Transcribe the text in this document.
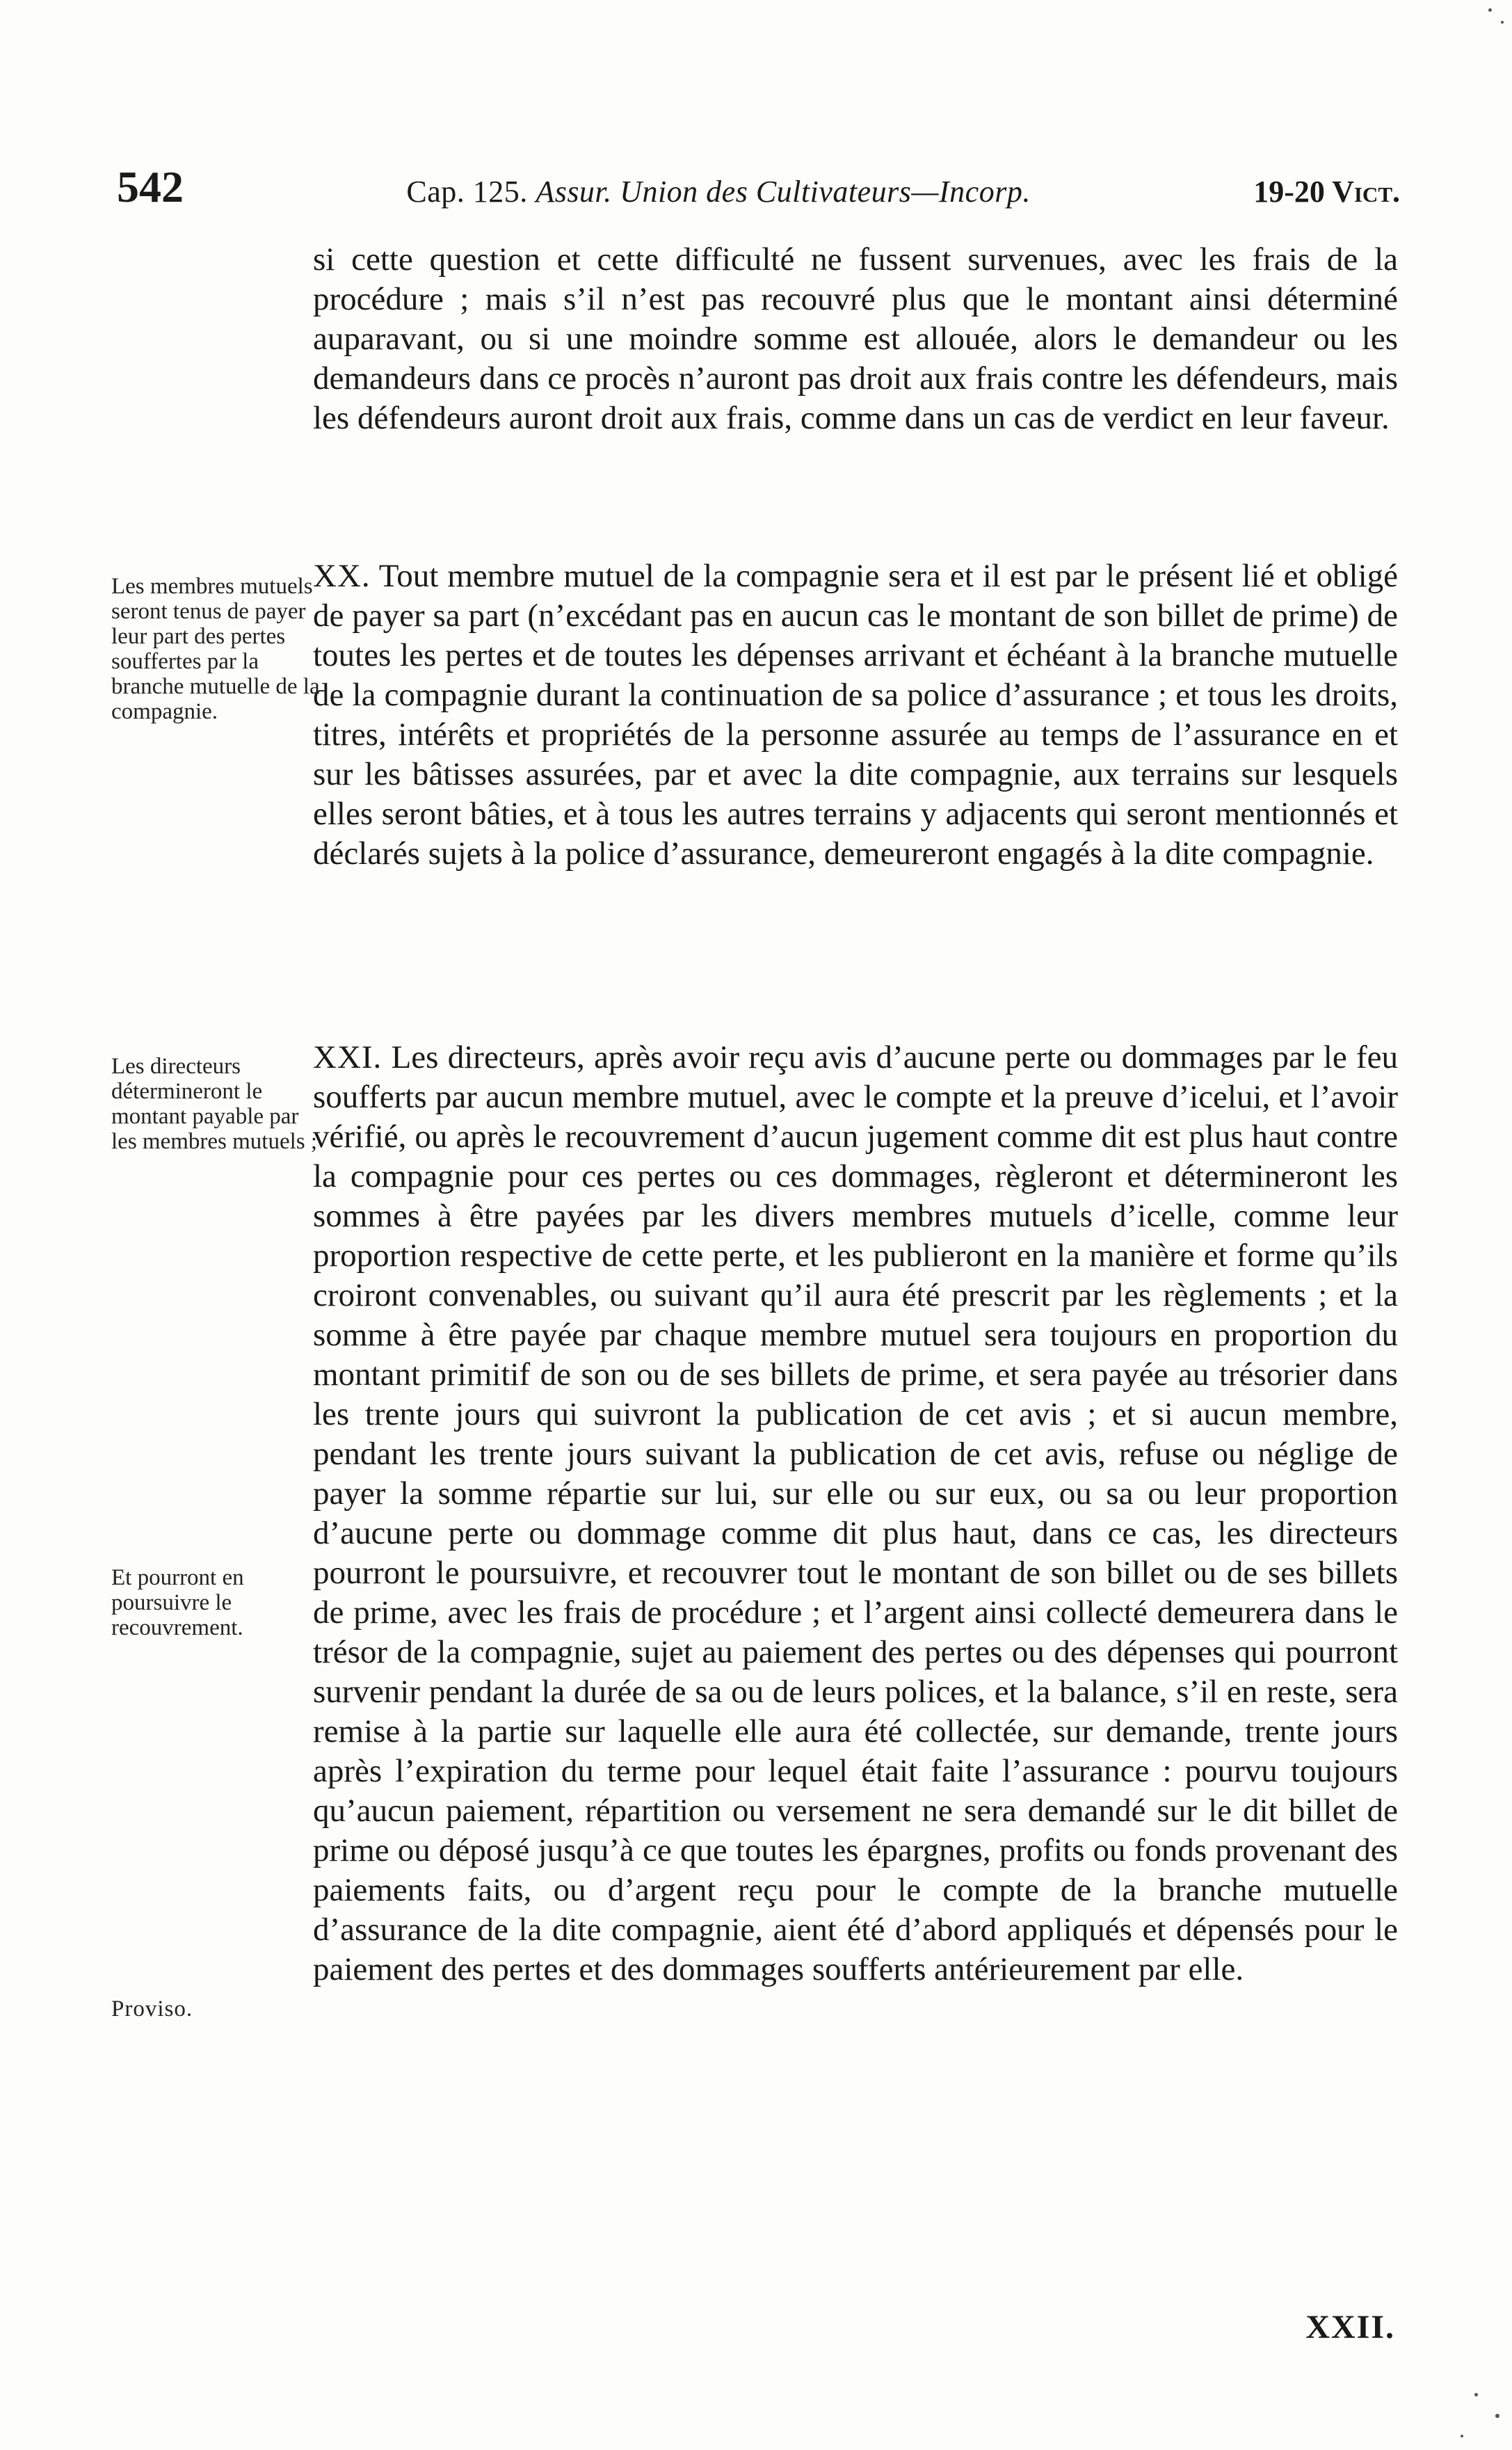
542	Cap. 125. Assur. Union des Cultivateurs—Incorp.	19-20 Vict.

si cette question et cette difficulté ne fussent survenues, avec les frais de la procédure ; mais s’il n’est pas recouvré plus que le montant ainsi déterminé auparavant, ou si une moindre somme est allouée, alors le demandeur ou les demandeurs dans ce procès n’auront pas droit aux frais contre les défendeurs, mais les défendeurs auront droit aux frais, comme dans un cas de verdict en leur faveur.

Les membres mutuels seront tenus de payer leur part des pertes souffertes par la branche mutuelle de la compagnie.

XX. Tout membre mutuel de la compagnie sera et il est par le présent lié et obligé de payer sa part (n’excédant pas en aucun cas le montant de son billet de prime) de toutes les pertes et de toutes les dépenses arrivant et échéant à la branche mutuelle de la compagnie durant la continuation de sa police d’assurance ; et tous les droits, titres, intérêts et propriétés de la personne assurée au temps de l’assurance en et sur les bâtisses assurées, par et avec la dite compagnie, aux terrains sur lesquels elles seront bâties, et à tous les autres terrains y adjacents qui seront mentionnés et déclarés sujets à la police d’assurance, demeureront engagés à la dite compagnie.

Les directeurs détermineront le montant payable par les membres mutuels ;
Et pourront en poursuivre le recouvrement.
Proviso.

XXI. Les directeurs, après avoir reçu avis d’aucune perte ou dommages par le feu soufferts par aucun membre mutuel, avec le compte et la preuve d’icelui, et l’avoir vérifié, ou après le recouvrement d’aucun jugement comme dit est plus haut contre la compagnie pour ces pertes ou ces dommages, règleront et détermineront les sommes à être payées par les divers membres mutuels d’icelle, comme leur proportion respective de cette perte, et les publieront en la manière et forme qu’ils croiront convenables, ou suivant qu’il aura été prescrit par les règlements ; et la somme à être payée par chaque membre mutuel sera toujours en proportion du montant primitif de son ou de ses billets de prime, et sera payée au trésorier dans les trente jours qui suivront la publication de cet avis ; et si aucun membre, pendant les trente jours suivant la publication de cet avis, refuse ou néglige de payer la somme répartie sur lui, sur elle ou sur eux, ou sa ou leur proportion d’aucune perte ou dommage comme dit plus haut, dans ce cas, les directeurs pourront le poursuivre, et recouvrer tout le montant de son billet ou de ses billets de prime, avec les frais de procédure ; et l’argent ainsi collecté demeurera dans le trésor de la compagnie, sujet au paiement des pertes ou des dépenses qui pourront survenir pendant la durée de sa ou de leurs polices, et la balance, s’il en reste, sera remise à la partie sur laquelle elle aura été collectée, sur demande, trente jours après l’expiration du terme pour lequel était faite l’assurance : pourvu toujours qu’aucun paiement, répartition ou versement ne sera demandé sur le dit billet de prime ou déposé jusqu’à ce que toutes les épargnes, profits ou fonds provenant des paiements faits, ou d’argent reçu pour le compte de la branche mutuelle d’assurance de la dite compagnie, aient été d’abord appliqués et dépensés pour le paiement des pertes et des dommages soufferts antérieurement par elle.

XXII.
